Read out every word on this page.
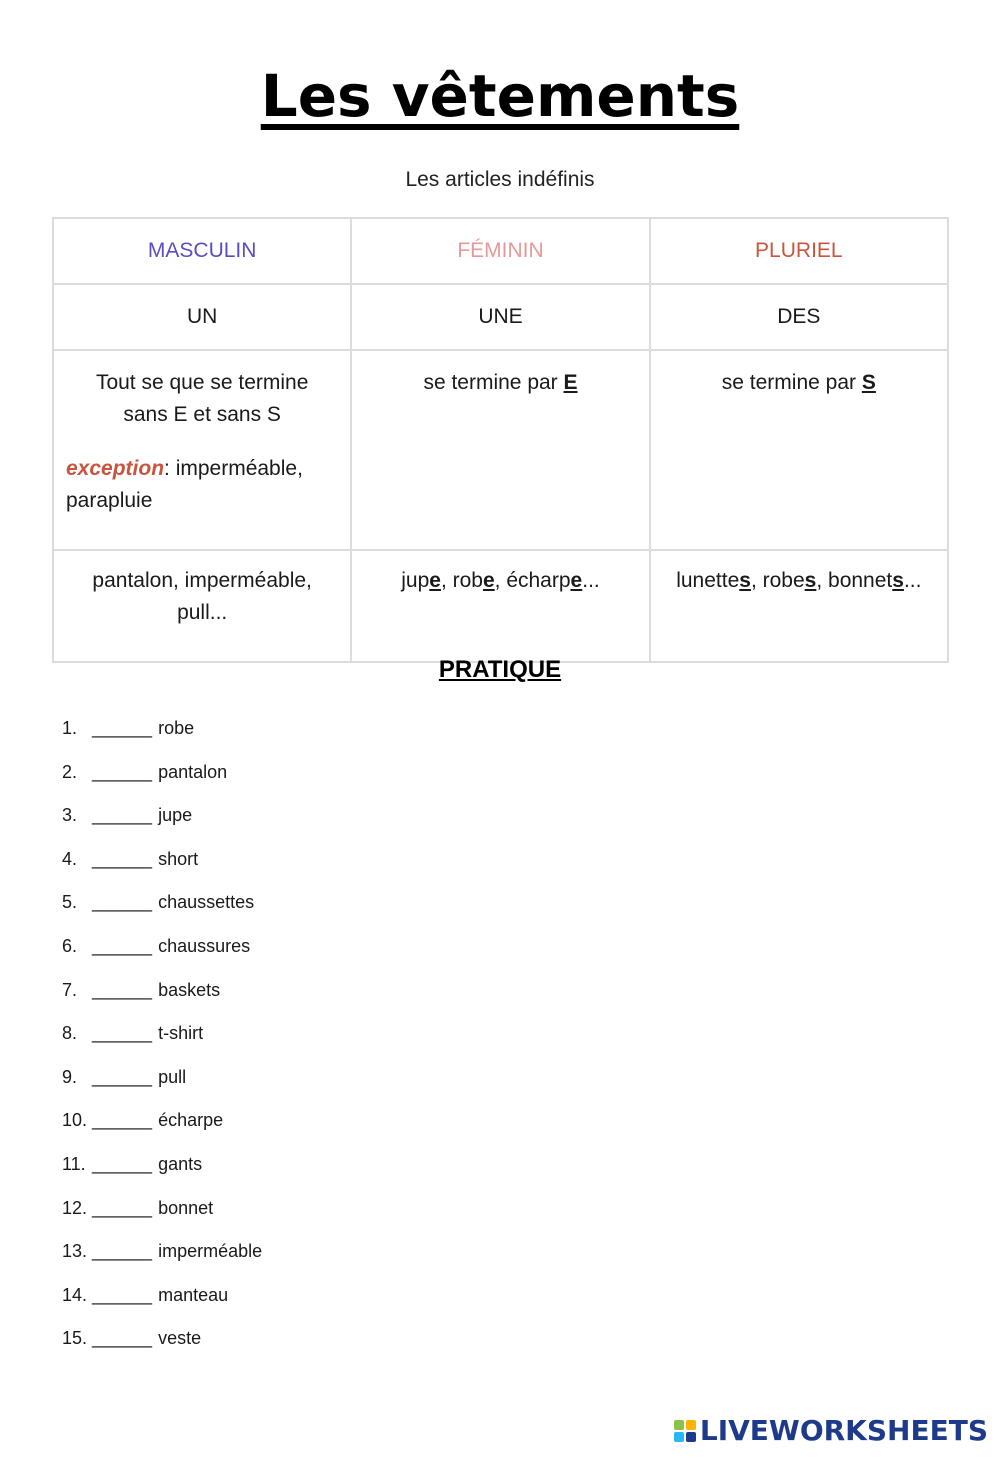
Les vêtements
Les articles indéfinis
MASCULIN	FÉMININ	PLURIEL
UN	UNE	DES

Tout se que se termine
sans E et sans S
exception: imperméable,
parapluie	se termine par E	se termine par S

pantalon, imperméable,
pull...	jupe, robe, écharpe...	lunettes, robes, bonnets...
PRATIQUE
1. ______ robe
2. ______ pantalon
3. ______ jupe
4. ______ short
5. ______ chaussettes
6. ______ chaussures
7. ______ baskets
8. ______ t-shirt
9. ______ pull
10. ______ écharpe
11. ______ gants
12. ______ bonnet
13. ______ imperméable
14. ______ manteau
15. ______ veste
LIVEWORKSHEETS
